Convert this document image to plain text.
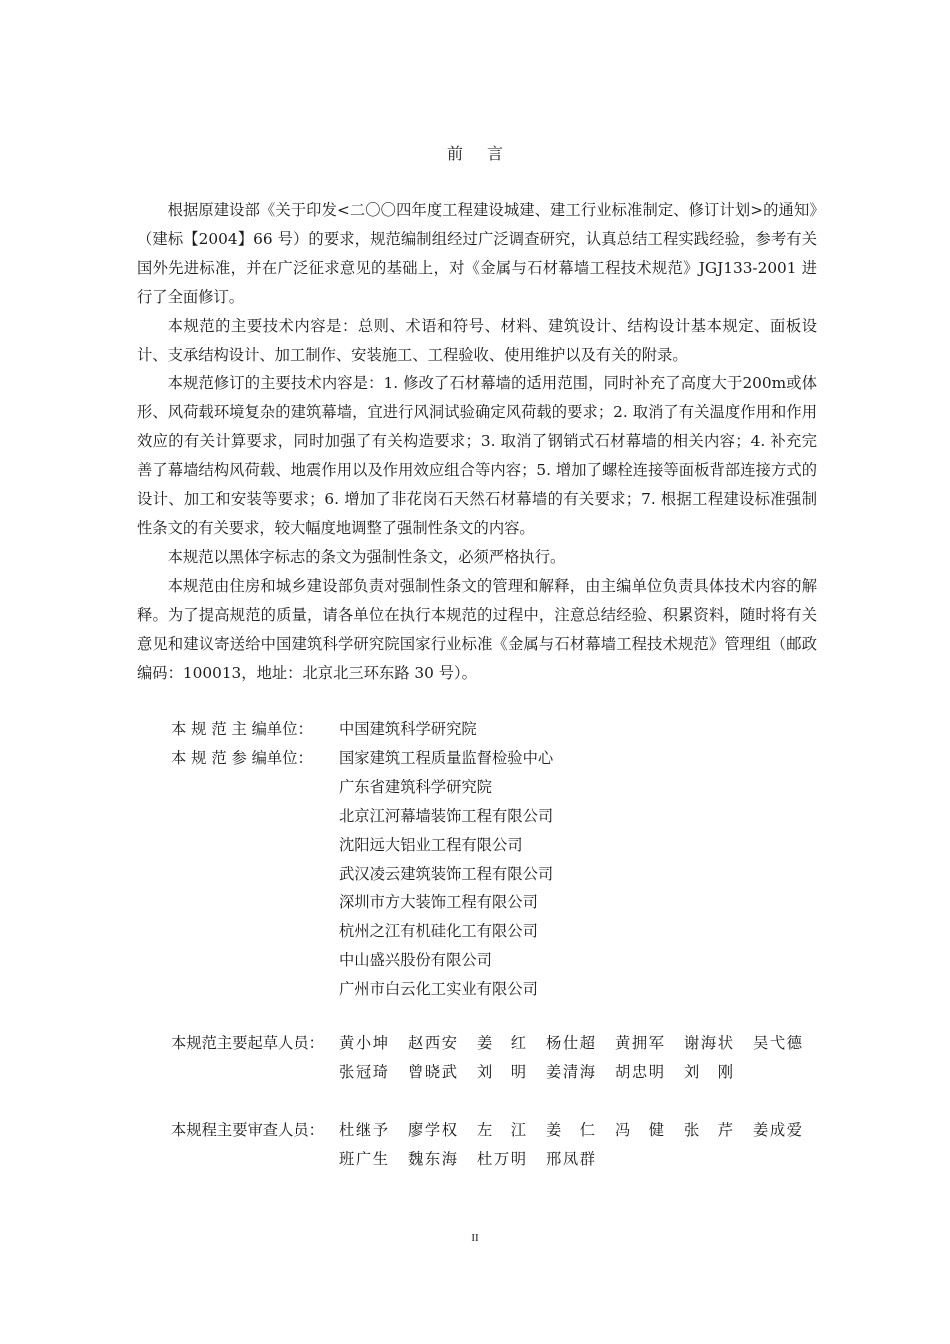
前言

根据原建设部《关于印发<二〇〇四年度工程建设城建、建工行业标准制定、修订计划>的通知》（建标【2004】66 号）的要求，规范编制组经过广泛调查研究，认真总结工程实践经验，参考有关国外先进标准，并在广泛征求意见的基础上，对《金属与石材幕墙工程技术规范》JGJ133-2001 进行了全面修订。

本规范的主要技术内容是：总则、术语和符号、材料、建筑设计、结构设计基本规定、面板设计、支承结构设计、加工制作、安装施工、工程验收、使用维护以及有关的附录。

本规范修订的主要技术内容是：1. 修改了石材幕墙的适用范围，同时补充了高度大于200m或体形、风荷载环境复杂的建筑幕墙，宜进行风洞试验确定风荷载的要求；2. 取消了有关温度作用和作用效应的有关计算要求，同时加强了有关构造要求；3. 取消了钢销式石材幕墙的相关内容；4. 补充完善了幕墙结构风荷载、地震作用以及作用效应组合等内容；5. 增加了螺栓连接等面板背部连接方式的设计、加工和安装等要求；6. 增加了非花岗石天然石材幕墙的有关要求；7. 根据工程建设标准强制性条文的有关要求，较大幅度地调整了强制性条文的内容。

本规范以黑体字标志的条文为强制性条文，必须严格执行。

本规范由住房和城乡建设部负责对强制性条文的管理和解释，由主编单位负责具体技术内容的解释。为了提高规范的质量，请各单位在执行本规范的过程中，注意总结经验、积累资料，随时将有关意见和建议寄送给中国建筑科学研究院国家行业标准《金属与石材幕墙工程技术规范》管理组（邮政编码：100013，地址：北京北三环东路 30 号）。

本 规 范 主 编单位：	中国建筑科学研究院
本 规 范 参 编单位：	国家建筑工程质量监督检验中心
广东省建筑科学研究院
北京江河幕墙装饰工程有限公司
沈阳远大铝业工程有限公司
武汉凌云建筑装饰工程有限公司
深圳市方大装饰工程有限公司
杭州之江有机硅化工有限公司
中山盛兴股份有限公司
广州市白云化工实业有限公司
本规范主要起草人员： 黄小坤 赵西安 姜红 杨仕超 黄拥军 谢海状 吴弋德
张冠琦 曾晓武 刘明 姜清海 胡忠明 刘刚
本规程主要审查人员： 杜继予 廖学权 左江 姜仁 冯健 张芹 姜成爱
班广生 魏东海 杜万明 邢凤群
II
